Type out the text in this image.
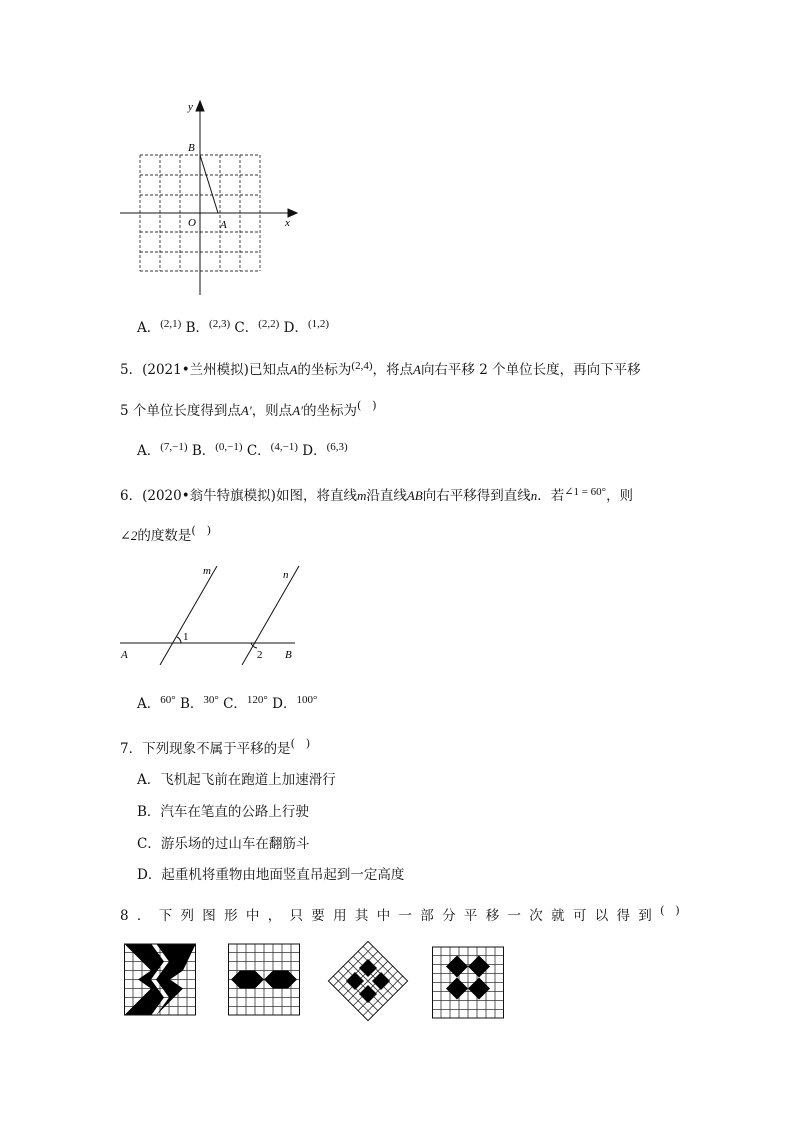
y
x
B
O A
A．$^{(2,1)}$ B．$^{(2,3)}$ C．$^{(2,2)}$ D．$^{(1,2)}$
5．(2021•兰州模拟)已知点A的坐标为$^{(2,4)}$，将点A向右平移 2 个单位长度，再向下平移
5 个单位长度得到点A′，则点A′的坐标为(　)
A．$^{(7,-1)}$ B．$^{(0,-1)}$ C．$^{(4,-1)}$ D．$^{(6,3)}$
6．(2020•翁牛特旗模拟)如图，将直线m沿直线AB向右平移得到直线n．若$^{\angle 1 = 60^\circ}$，则
∠2的度数是(　)
m	n
A	B
1
2
A．$^{60^\circ}$ B．$^{30^\circ}$ C．$^{120^\circ}$ D．$^{100^\circ}$
7．下列现象不属于平移的是(　)
A．飞机起飞前在跑道上加速滑行
B．汽车在笔直的公路上行驶
C．游乐场的过山车在翻筋斗
D．起重机将重物由地面竖直吊起到一定高度
8．下列图形中，只要用其中一部分平移一次就可以得到(　)
